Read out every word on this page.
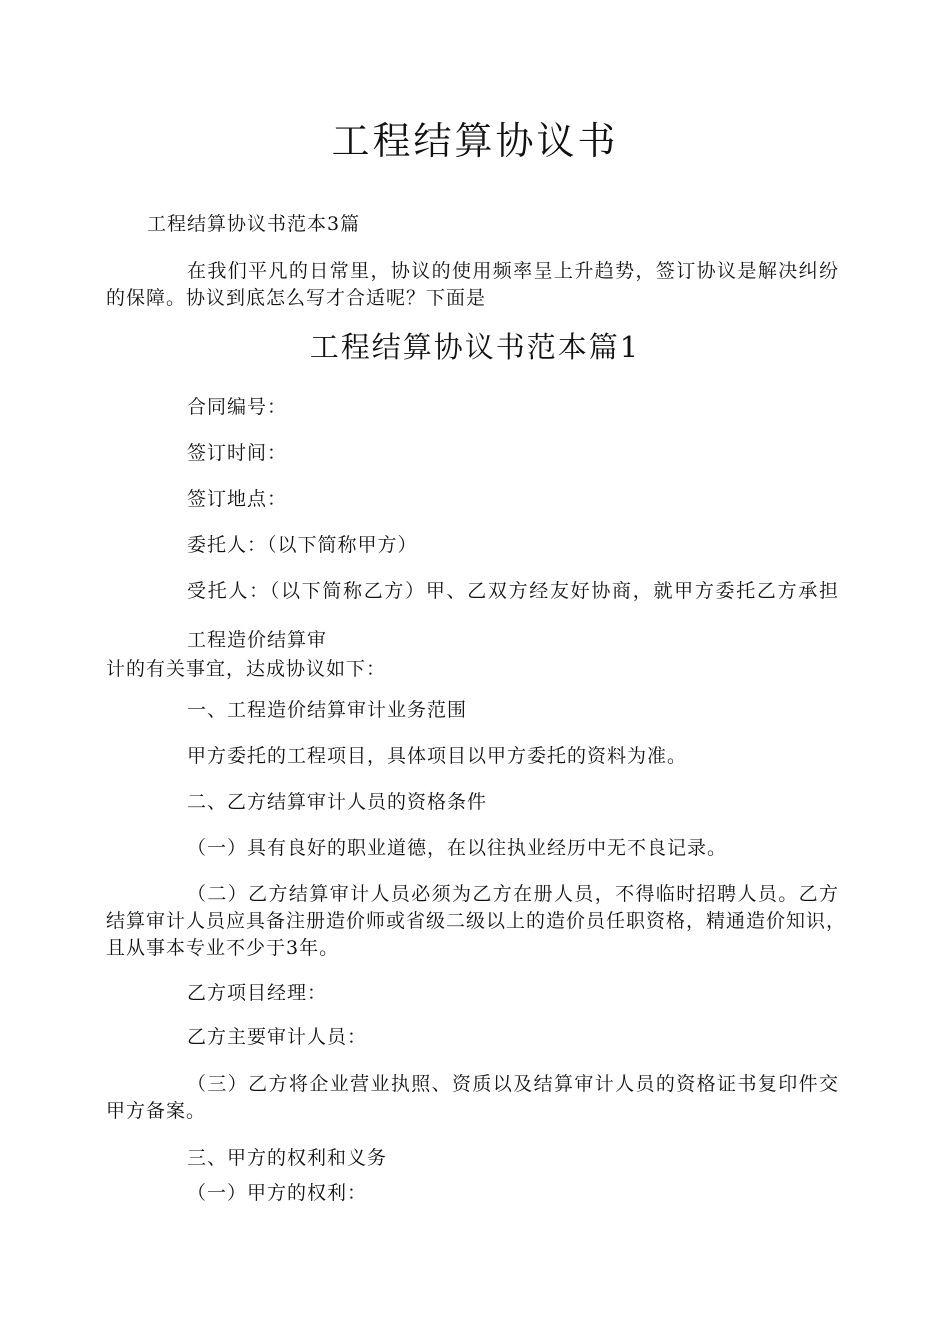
工程结算协议书
工程结算协议书范本3篇
在我们平凡的日常里，协议的使用频率呈上升趋势，签订协议是解决纠纷
的保障。协议到底怎么写才合适呢？下面是
工程结算协议书范本篇1
合同编号：
签订时间：
签订地点：
委托人：（以下简称甲方）
受托人：（以下简称乙方）甲、乙双方经友好协商，就甲方委托乙方承担
工程造价结算审
计的有关事宜，达成协议如下：
一、工程造价结算审计业务范围
甲方委托的工程项目，具体项目以甲方委托的资料为准。
二、乙方结算审计人员的资格条件
（一）具有良好的职业道德，在以往执业经历中无不良记录。
（二）乙方结算审计人员必须为乙方在册人员，不得临时招聘人员。乙方
结算审计人员应具备注册造价师或省级二级以上的造价员任职资格，精通造价知识，
且从事本专业不少于3年。
乙方项目经理：
乙方主要审计人员：
（三）乙方将企业营业执照、资质以及结算审计人员的资格证书复印件交
甲方备案。
三、甲方的权利和义务
（一）甲方的权利：
